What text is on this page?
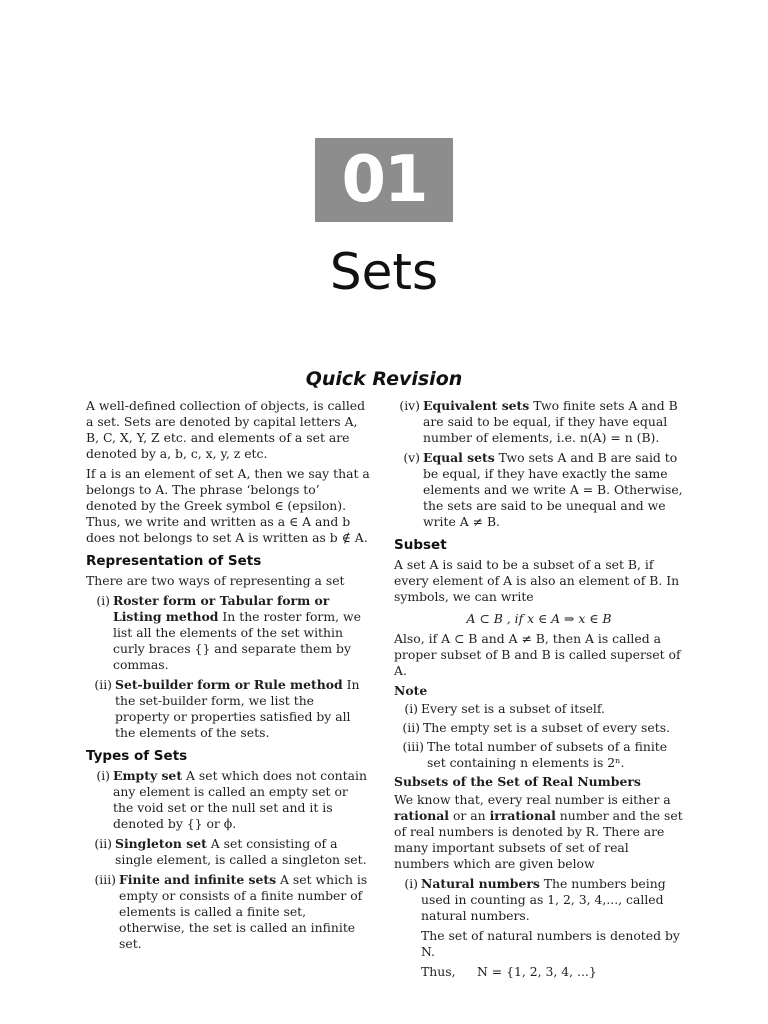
01
Sets
Quick Revision

A well-defined collection of objects, is called a set. Sets are denoted by capital letters A, B, C, X, Y, Z etc. and elements of a set are denoted by a, b, c, x, y, z etc.

If a is an element of set A, then we say that a belongs to A. The phrase ‘belongs to’ denoted by the Greek symbol ∈ (epsilon). Thus, we write and written as a ∈ A and b does not belongs to set A is written as b ∉ A.

Representation of Sets

There are two ways of representing a set

(i) Roster form or Tabular form or Listing method In the roster form, we list all the elements of the set within curly braces {} and separate them by commas.
(ii) Set-builder form or Rule method In the set-builder form, we list the property or properties satisfied by all the elements of the sets.
Types of Sets
(i) Empty set A set which does not contain any element is called an empty set or the void set or the null set and it is denoted by {} or ϕ.
(ii) Singleton set A set consisting of a single element, is called a singleton set.
(iii) Finite and infinite sets A set which is empty or consists of a finite number of elements is called a finite set, otherwise, the set is called an infinite set.
(iv) Equivalent sets Two finite sets A and B are said to be equal, if they have equal number of elements, i.e. n(A) = n (B).
(v) Equal sets Two sets A and B are said to be equal, if they have exactly the same elements and we write A = B. Otherwise, the sets are said to be unequal and we write A ≠ B.
Subset

A set A is said to be a subset of a set B, if every element of A is also an element of B. In symbols, we can write

A ⊂ B , if x ∈ A ⇒ x ∈ B

Also, if A ⊂ B and A ≠ B, then A is called a proper subset of B and B is called superset of A.

Note
(i) Every set is a subset of itself.
(ii) The empty set is a subset of every sets.
(iii) The total number of subsets of a finite set containing n elements is 2ⁿ.
Subsets of the Set of Real Numbers

We know that, every real number is either a rational or an irrational number and the set of real numbers is denoted by R. There are many important subsets of set of real numbers which are given below

(i) Natural numbers The numbers being used in counting as 1, 2, 3, 4,..., called natural numbers.

The set of natural numbers is denoted by N.

Thus,	N = {1, 2, 3, 4, ...}
